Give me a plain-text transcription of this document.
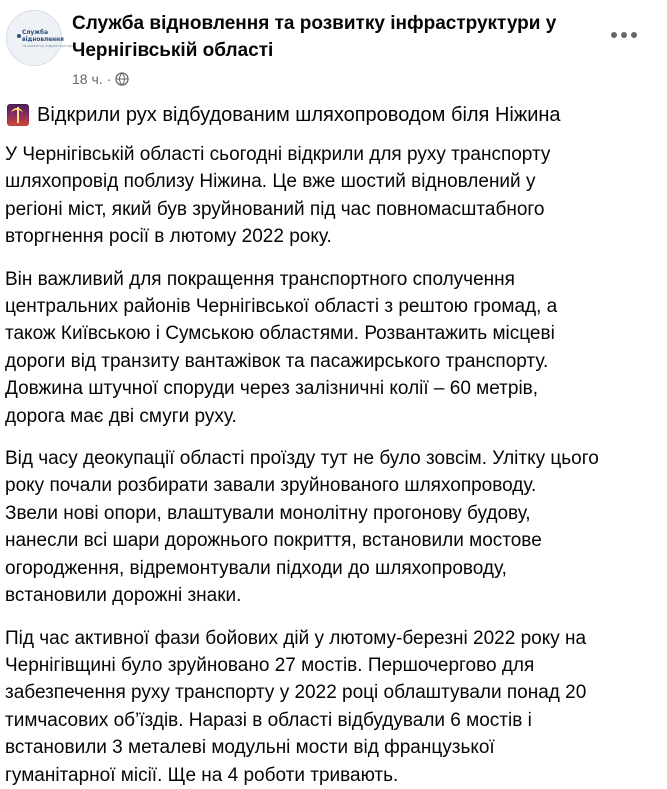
Служба
відновлення
та розвитку інфраструктури
Служба відновлення та розвитку інфраструктури у Чернігівській області
18 ч. ·
Відкрили рух відбудованим шляхопроводом біля Ніжина

У Чернігівській області сьогодні відкрили для руху транспорту
шляхопровід поблизу Ніжина. Це вже шостий відновлений у
регіоні міст, який був зруйнований під час повномасштабного
вторгнення росії в лютому 2022 року.

Він важливий для покращення транспортного сполучення
центральних районів Чернігівської області з рештою громад, а
також Київською і Сумською областями. Розвантажить місцеві
дороги від транзиту вантажівок та пасажирського транспорту.
Довжина штучної споруди через залізничні колії – 60 метрів,
дорога має дві смуги руху.

Від часу деокупації області проїзду тут не було зовсім. Улітку цього
року почали розбирати завали зруйнованого шляхопроводу.
Звели нові опори, влаштували монолітну прогонову будову,
нанесли всі шари дорожнього покриття, встановили мостове
огородження, відремонтували підходи до шляхопроводу,
встановили дорожні знаки.

Під час активної фази бойових дій у лютому-березні 2022 року на
Чернігівщині було зруйновано 27 мостів. Першочергово для
забезпечення руху транспорту у 2022 році облаштували понад 20
тимчасових об’їздів. Наразі в області відбудували 6 мостів і
встановили 3 металеві модульні мости від французької
гуманітарної місії. Ще на 4 роботи тривають.
